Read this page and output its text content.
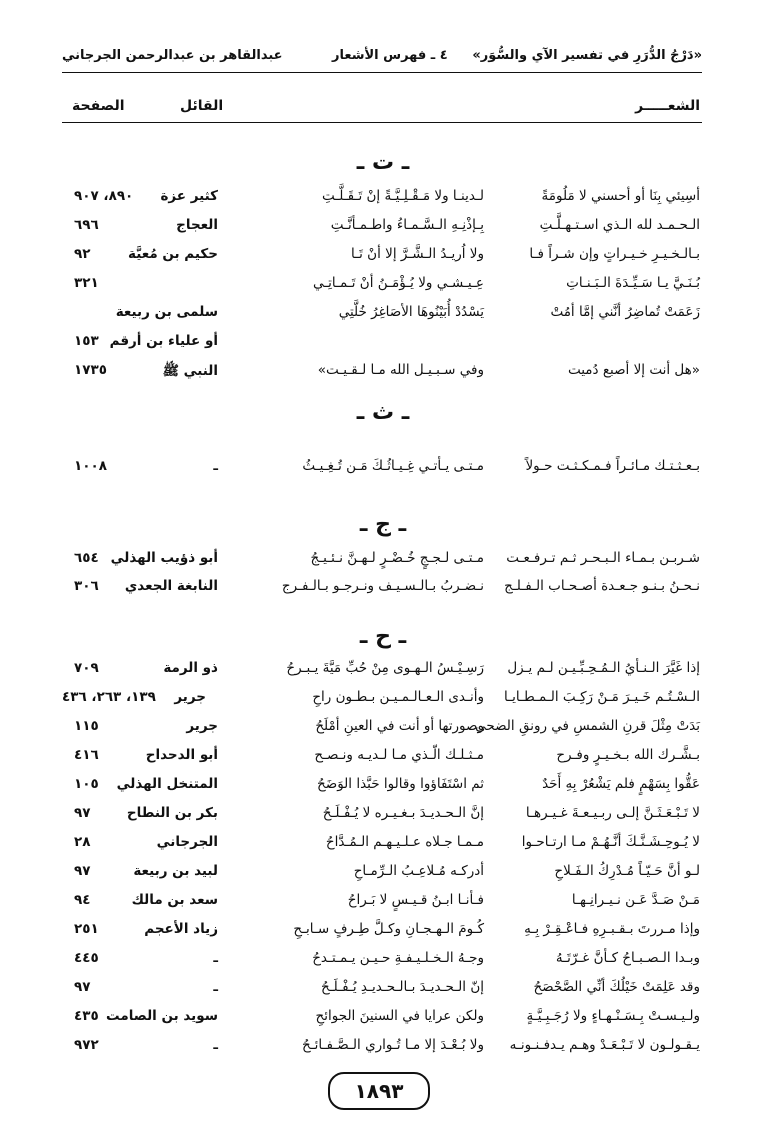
«دَرْجُ الدُّرَرِ في تفسير الآي والسُّوَر»
٤ ـ فهرس الأشعار
عبدالقاهر بن عبدالرحمن الجرجاني
الشعـــــر
القائل
الصفحة
ـ ت ـ
أسِيئي بِنَا أو أحسني لا مَلُومَةً
لـدينـا ولا مَـقْـلِـيَّـةً إنْ تَـقَـلَّـتِ
كثير عزة
٨٩٠، ٩٠٧
الـحـمـد لله الـذي اسـتـهـلَّـتِ
بِـإذْنِـهِ الـسَّـمـاءُ واطـمـأنَّـتِ
العجاج
٦٩٦
بـالـخـيـرِ خـيـراتٍ وإن شـراً فـا
ولا اُريـدُ الـشَّـرَّ إلا أنْ تَـا
حكيم بن مُعيَّة
٩٢
بُـنَـيَّ يـا سَـيِّـدَةَ الـبَـنـاتِ
عِـيـشـي ولا يُـؤْمَـنُ أنْ تَـمـاتِـي
٣٢١
زَعَمَتْ تُماضِرُ أنَّني إمَّا أمُتْ
يَسْدُدْ أُبَيْنُوهَا الأصَاغِرُ خُلَّتِي
سلمى بن ربيعة
أو علياء بن أرقم
١٥٣
«هل أنت إلا أصبع دُميت
وفي سـبـيـل الله مـا لـقـيـت»
النبي ﷺ
١٧٣٥
ـ ث ـ
بـعـثـتـك مـائـراً فـمـكـثـت حـولاً
مـتـى يـأتـي غِـيـاثُـكَ مَـن تُـغِـيـثُ
ـ
١٠٠٨
ـ ج ـ
شـربـن بـمـاء الـبـحـر ثـم تـرفـعـت
مـتـى لـجـجٍ خُـضْـرٍ لـهـنَّ نـئـيـجُ
أبو ذؤيب الهذلي
٦٥٤
نـحـنُ بـنـو جـعـدة أصـحـاب الـفـلـج
نـضـربُ بـالـسـيـف ونـرجـو بـالـفـرج
النابغة الجعدي
٣٠٦
ـ ح ـ
إذا غَيَّرَ الـنـأيُ الـمُـحِـبِّـيـن لـم يـزل
رَسِـيْـسُ الـهـوى مِنْ حُبِّ مَيَّةَ يـبـرحُ
ذو الرمة
٧٠٩
الـسْـتُـم خَـيـرَ مَـنْ رَكِـبَ الـمـطـايـا
وأنـدى الـعـالـمـيـن بـطـون راحِ
جرير
١٣٩، ٢٦٣، ٤٣٦
بَدَتْ مِثْلَ قرنِ الشمسِ في رونقِ الضحى
وصورتها أو أنت في العينِ أمْلَحُ
جرير
١١٥
بـشَّـرك الله بـخـيـرٍ وفـرح
مـثـلـك الّـذي مـا لـديـه ونـصـح
أبو الدحداح
٤١٦
عَقُّوا بِسَهْمٍ فلم يَشْعُرْ بِهِ أَحَدٌ
ثم اسْتَفَاؤوا وقالوا حَبَّذا الوَضَحُ
المتنخل الهذلي
١٠٥
لا تَـبْـعَـثَـنَّ إلـى ربـيـعـةَ غـيـرهـا
إنَّ الـحـديـدَ بـغـيـره لا يُـفْـلَـحُ
بكر بن النطاح
٩٧
لا يُـوحِـشَـنَّـكَ أنَّـهُـمْ مـا ارتـاحـوا
مـمـا جـلاه عـلـيـهـم الـمُـدَّاحُ
الجرجاني
٢٨
لـو أنَّ حَـيّـاً مُـدْرِكُ الـفَـلاحِ
أدركـه مُـلاعِـبُ الـرِّمـاحِ
لبيد بن ربيعة
٩٧
مَـنْ صَـدَّ عَـن نـيـرانِـهـا
فـأنـا ابـنُ قـيـسٍ لا بَـراحُ
سعد بن مالك
٩٤
وإذا مـررتَ بـقـبـرِهِ فـاعْـقِـرْ بِـهِ
كُـومَ الـهـجـانِ وكـلَّ طِـرفٍ سـابـحِ
زياد الأعجم
٢٥١
وبـدا الـصـبـاحُ كـأنَّ غـرّتَـهُ
وجـهُ الـخـلـيـفـةِ حـيـن يـمـتـدحُ
ـ
٤٤٥
وقد عَلِمَتْ خَيْلُكَ أنِّي الصَّحْصَحُ
إنّ الـحـديـدَ بـالـحـديـدِ يُـفْـلَـحُ
ـ
٩٧
ولـيـسـتْ بِـسَـنْـهـاءٍ ولا رُجَـبِـيَّـةٍ
ولكن عرايا في السنينَ الجوائحِ
سويد بن الصامت
٤٣٥
يـقـولـون لا تَـبْـعَـدْ وهـم يـدفـنـونـه
ولا بُـعْـدَ إلا مـا تُـواري الـصَّـفـائـحُ
ـ
٩٧٢
١٨٩٣
